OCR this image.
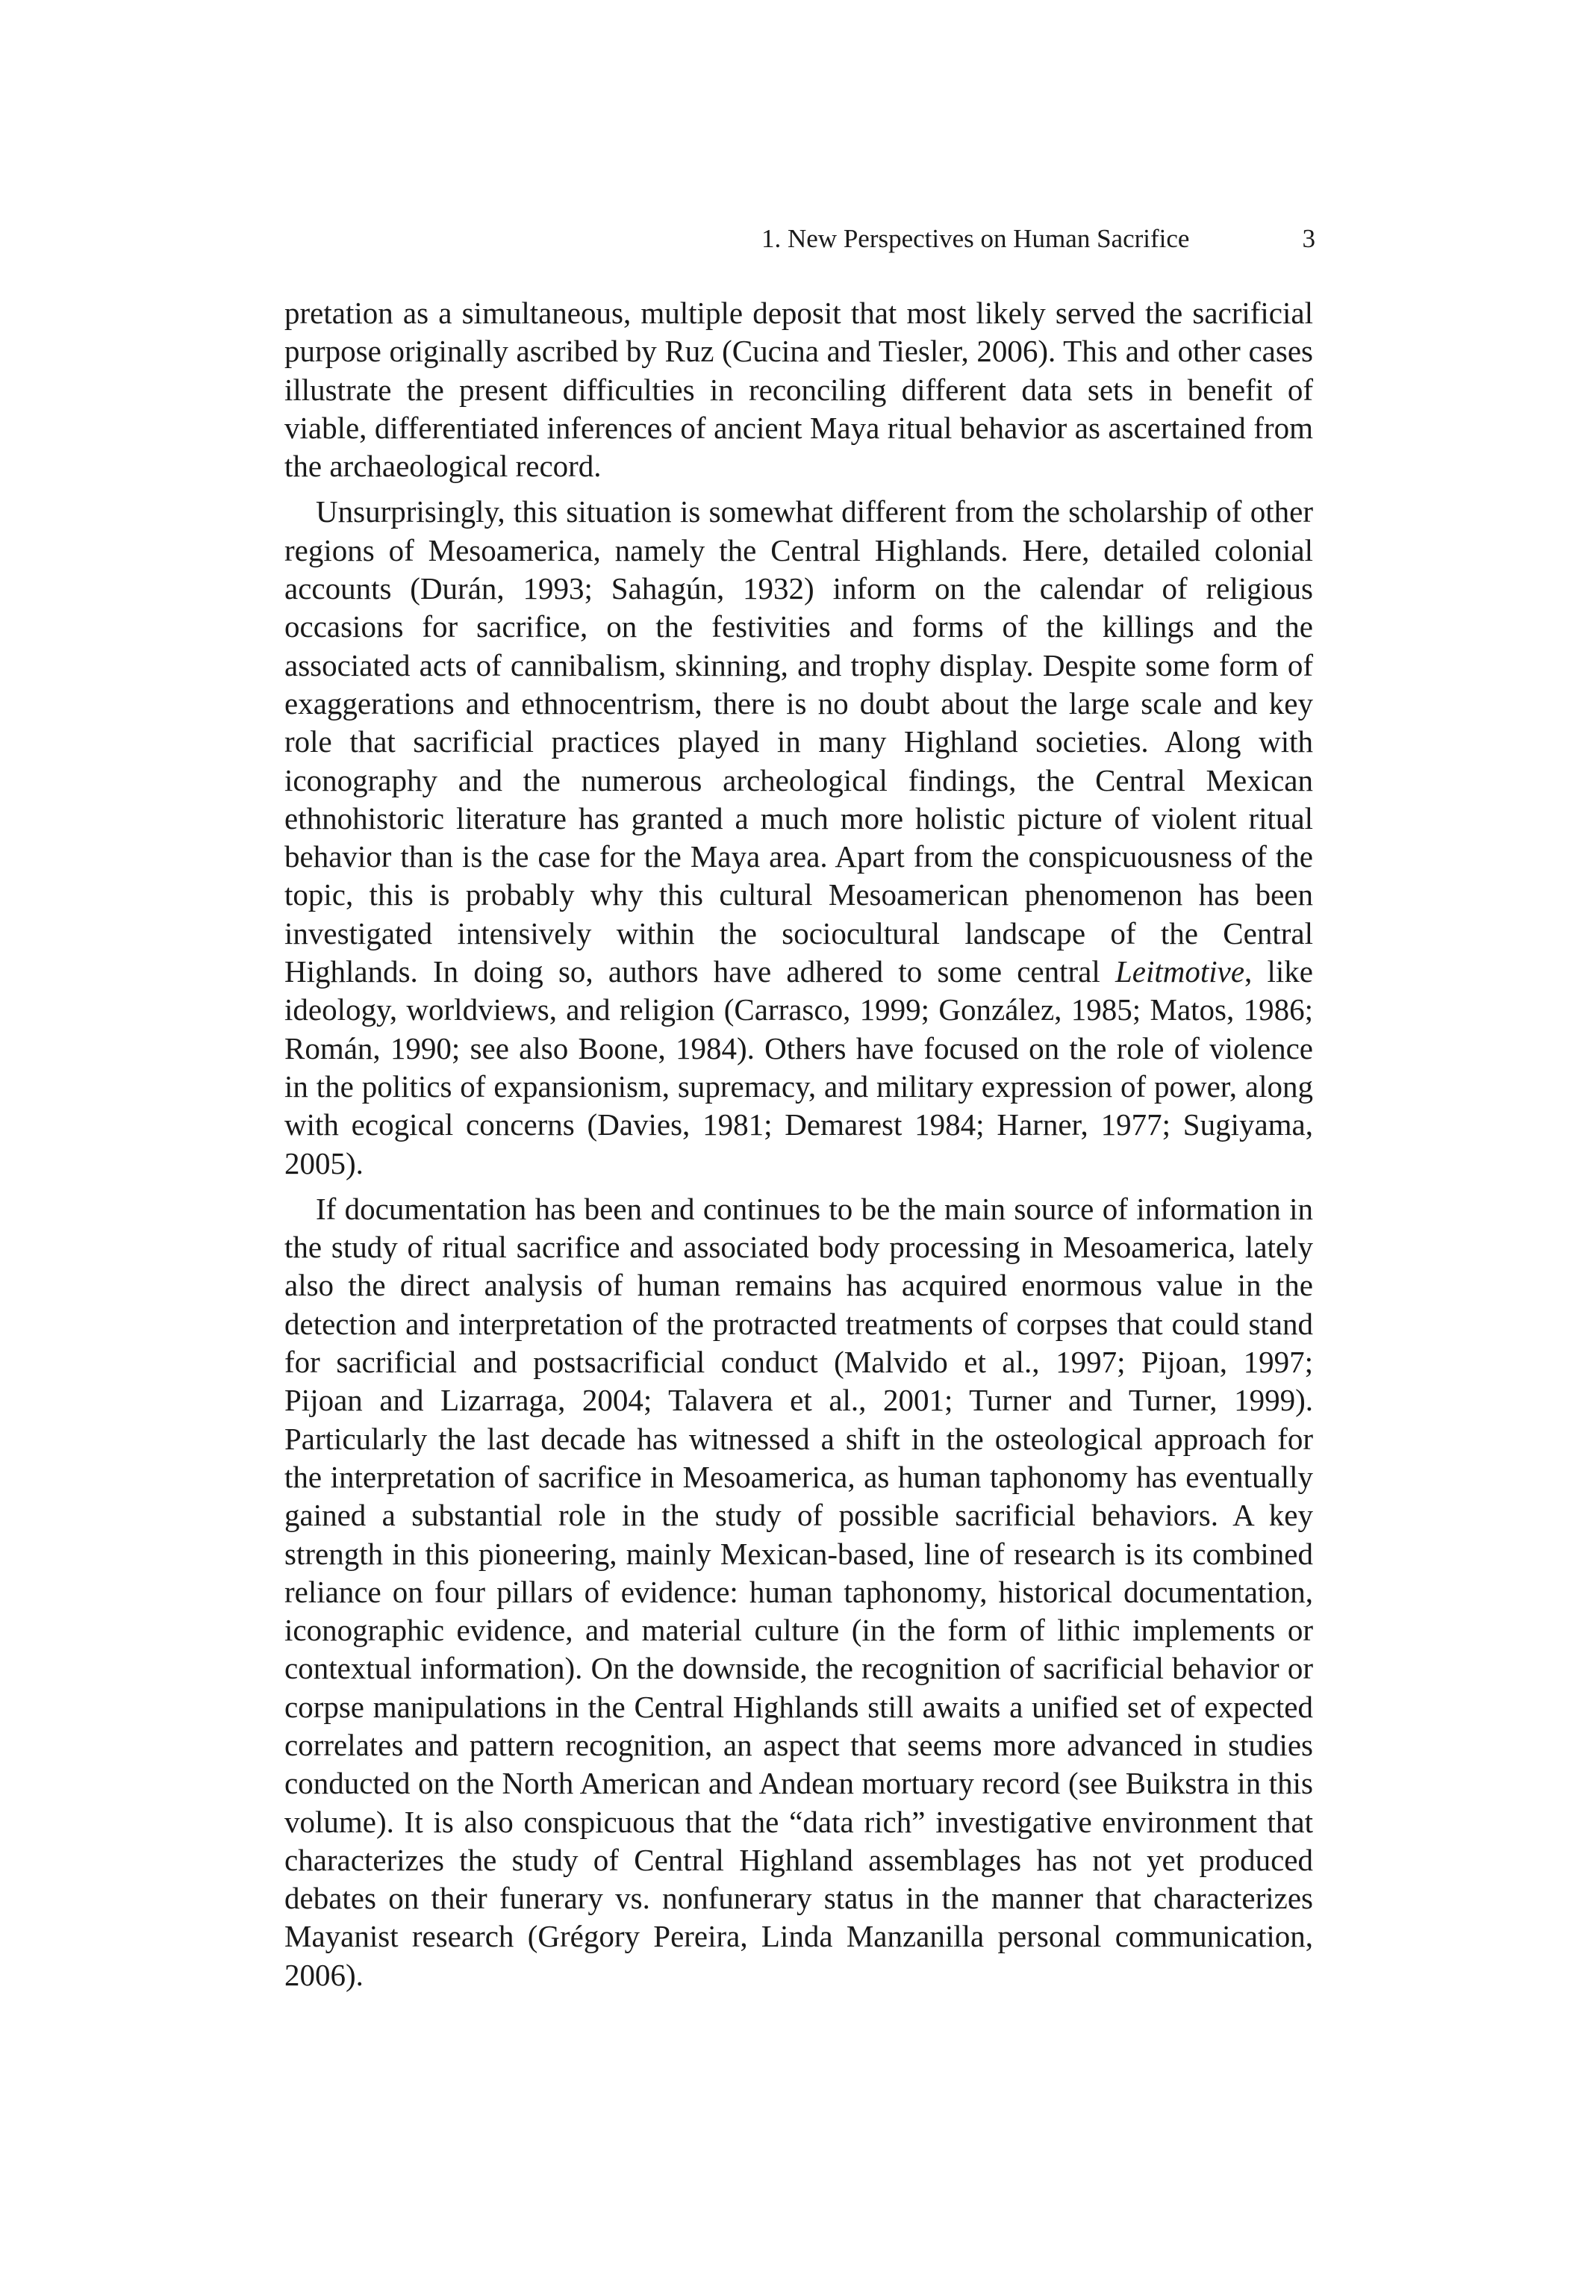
1. New Perspectives on Human Sacrifice	3

pretation as a simultaneous, multiple deposit that most likely served the sacrificial purpose originally ascribed by Ruz (Cucina and Tiesler, 2006). This and other cases illustrate the present difficulties in reconciling different data sets in benefit of viable, differentiated inferences of ancient Maya ritual behavior as ascertained from the archaeological record.

Unsurprisingly, this situation is somewhat different from the scholarship of other regions of Mesoamerica, namely the Central Highlands. Here, detailed colonial accounts (Durán, 1993; Sahagún, 1932) inform on the calendar of religious occasions for sacrifice, on the festivities and forms of the killings and the associated acts of cannibalism, skinning, and trophy display. Despite some form of exaggerations and ethnocentrism, there is no doubt about the large scale and key role that sacrificial practices played in many Highland societies. Along with iconography and the numerous archeological findings, the Central Mexican ethnohistoric literature has granted a much more holistic picture of violent ritual behavior than is the case for the Maya area. Apart from the conspicuousness of the topic, this is probably why this cultural Mesoamerican phenomenon has been investigated intensively within the sociocultural landscape of the Central Highlands. In doing so, authors have adhered to some central Leitmotive, like ideology, worldviews, and religion (Carrasco, 1999; González, 1985; Matos, 1986; Román, 1990; see also Boone, 1984). Others have focused on the role of violence in the politics of expansionism, supremacy, and military expression of power, along with ecogical concerns (Davies, 1981; Demarest 1984; Harner, 1977; Sugiyama, 2005).

If documentation has been and continues to be the main source of information in the study of ritual sacrifice and associated body processing in Mesoamerica, lately also the direct analysis of human remains has acquired enormous value in the detection and interpretation of the protracted treatments of corpses that could stand for sacrificial and postsacrificial conduct (Malvido et al., 1997; Pijoan, 1997; Pijoan and Lizarraga, 2004; Talavera et al., 2001; Turner and Turner, 1999). Particularly the last decade has witnessed a shift in the osteological approach for the interpretation of sacrifice in Mesoamerica, as human taphonomy has eventually gained a substantial role in the study of possible sacrificial behaviors. A key strength in this pioneering, mainly Mexican-based, line of research is its combined reliance on four pillars of evidence: human taphonomy, historical documentation, iconographic evidence, and material culture (in the form of lithic implements or contextual information). On the downside, the recognition of sacrificial behavior or corpse manipulations in the Central Highlands still awaits a unified set of expected correlates and pattern recognition, an aspect that seems more advanced in studies conducted on the North American and Andean mortuary record (see Buikstra in this volume). It is also conspicuous that the “data rich” investigative environment that characterizes the study of Central Highland assemblages has not yet produced debates on their funerary vs. nonfunerary status in the manner that characterizes Mayanist research (Grégory Pereira, Linda Manzanilla personal communication, 2006).
